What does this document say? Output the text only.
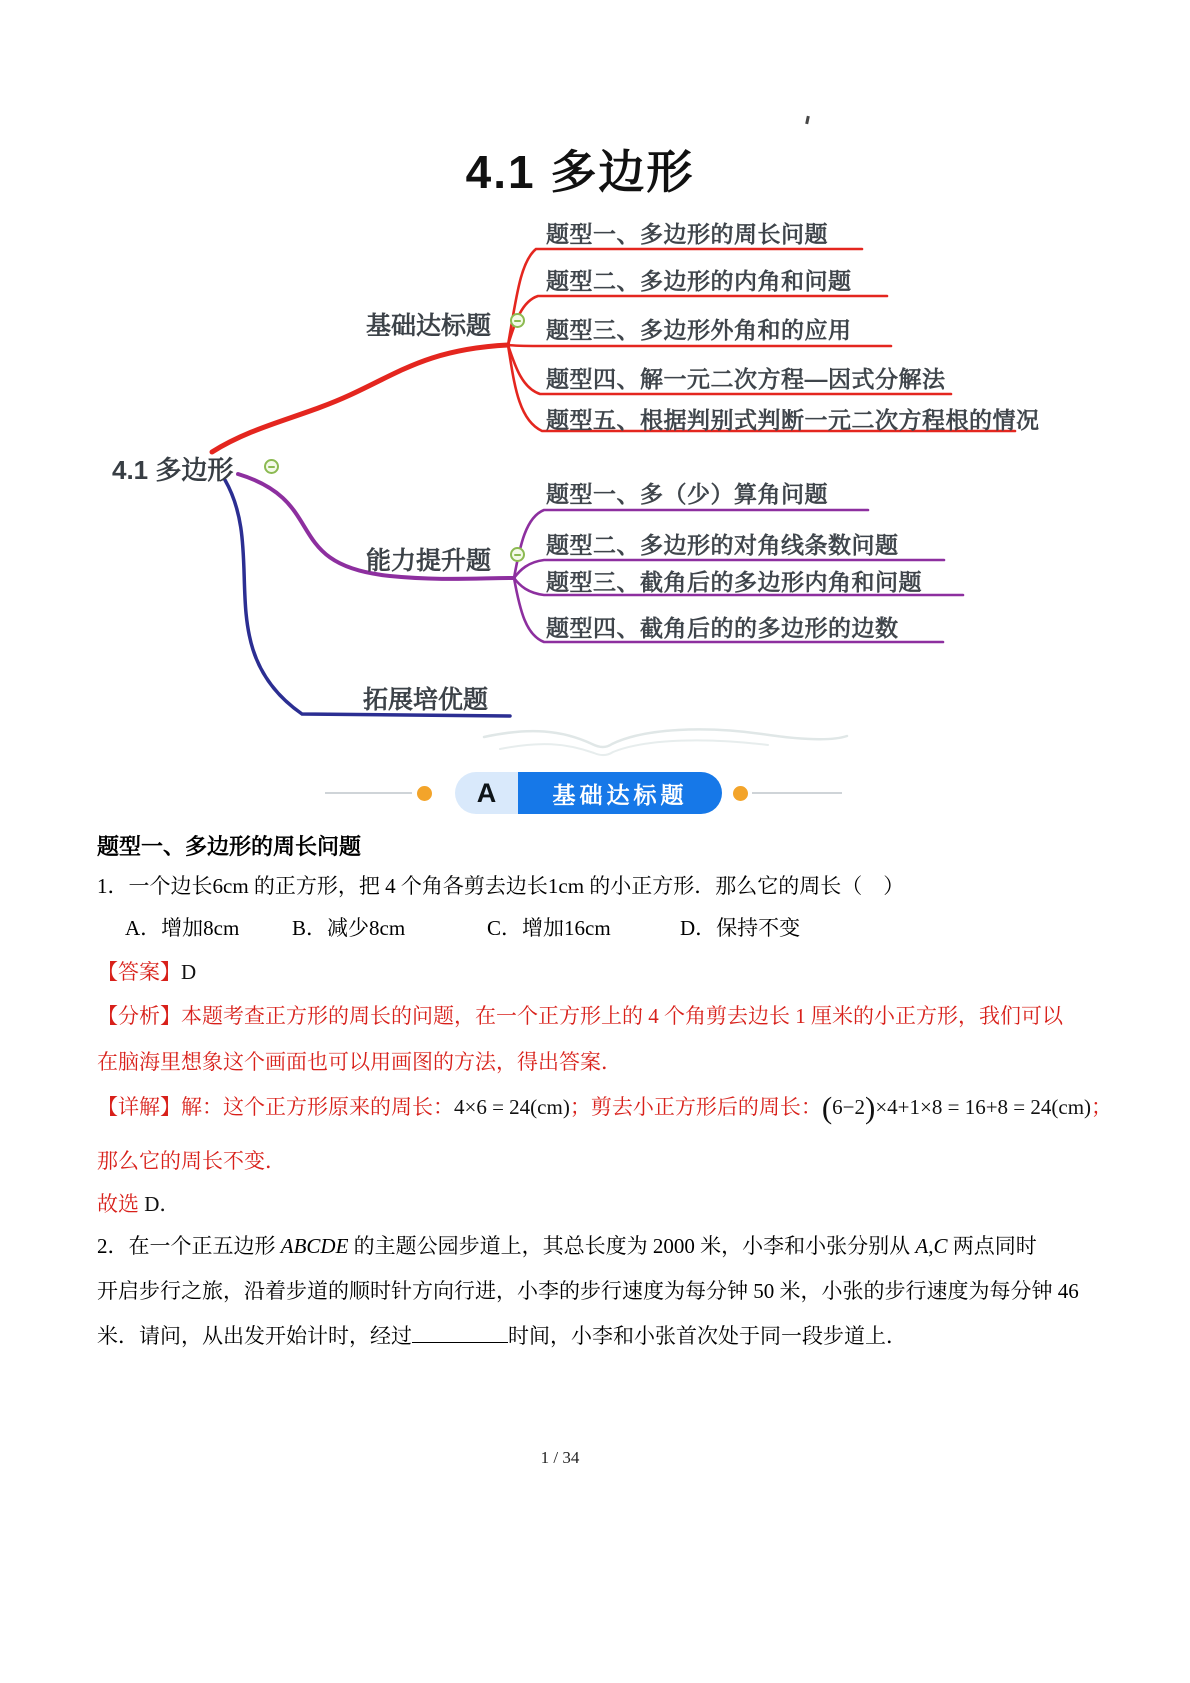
4.1 多边形
4.1 多边形
基础达标题
能力提升题
拓展培优题
题型一、多边形的周长问题
题型二、多边形的内角和问题
题型三、多边形外角和的应用
题型四、解一元二次方程—因式分解法
题型五、根据判别式判断一元二次方程根的情况
题型一、多（少）算角问题
题型二、多边形的对角线条数问题
题型三、截角后的多边形内角和问题
题型四、截角后的的多边形的边数
A	基础达标题
题型一、多边形的周长问题
1．一个边长6cm 的正方形，把 4 个角各剪去边长1cm 的小正方形．那么它的周长（　）
A．增加8cm	B．减少8cm	C．增加16cm	D．保持不变
【答案】D
【分析】本题考查正方形的周长的问题，在一个正方形上的 4 个角剪去边长 1 厘米的小正方形，我们可以
在脑海里想象这个画面也可以用画图的方法，得出答案．
【详解】解：这个正方形原来的周长：4×6 = 24(cm)；剪去小正方形后的周长：(6−2)×4+1×8 = 16+8 = 24(cm)；
那么它的周长不变．
故选 D．
2．在一个正五边形 ABCDE 的主题公园步道上，其总长度为 2000 米，小李和小张分别从 A,C 两点同时
开启步行之旅，沿着步道的顺时针方向行进，小李的步行速度为每分钟 50 米，小张的步行速度为每分钟 46
米．请问，从出发开始计时，经过	时间，小李和小张首次处于同一段步道上．
1 / 34
